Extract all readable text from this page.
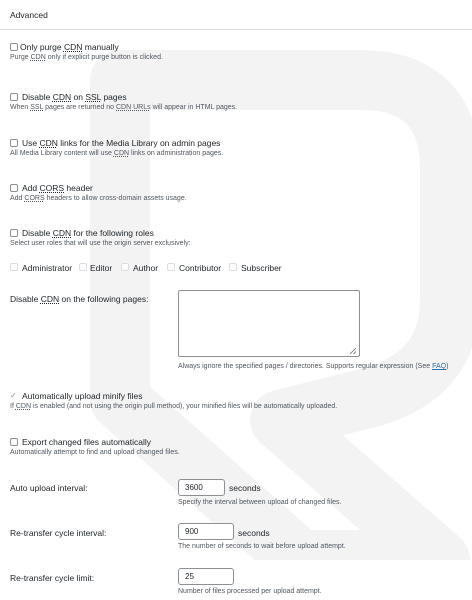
Advanced
Only purge CDN manually
Purge CDN only if explicit purge button is clicked.
Disable CDN on SSL pages
When SSL pages are returned no CDN URLs will appear in HTML pages.
Use CDN links for the Media Library on admin pages
All Media Library content will use CDN links on administration pages.
Add CORS header
Add CORS headers to allow cross-domain assets usage.
Disable CDN for the following roles
Select user roles that will use the origin server exclusively:
Administrator Editor Author Contributor Subscriber
Disable CDN on the following pages:
Always ignore the specified pages / directories. Supports regular expression (See FAQ)
✓ Automatically upload minify files
If CDN is enabled (and not using the origin pull method), your minified files will be automatically uploaded.
Export changed files automatically
Automatically attempt to find and upload changed files.
Auto upload interval:	3600	seconds
Specify the interval between upload of changed files.
Re-transfer cycle interval:	900	seconds
The number of seconds to wait before upload attempt.
Re-transfer cycle limit:	25
Number of files processed per upload attempt.
